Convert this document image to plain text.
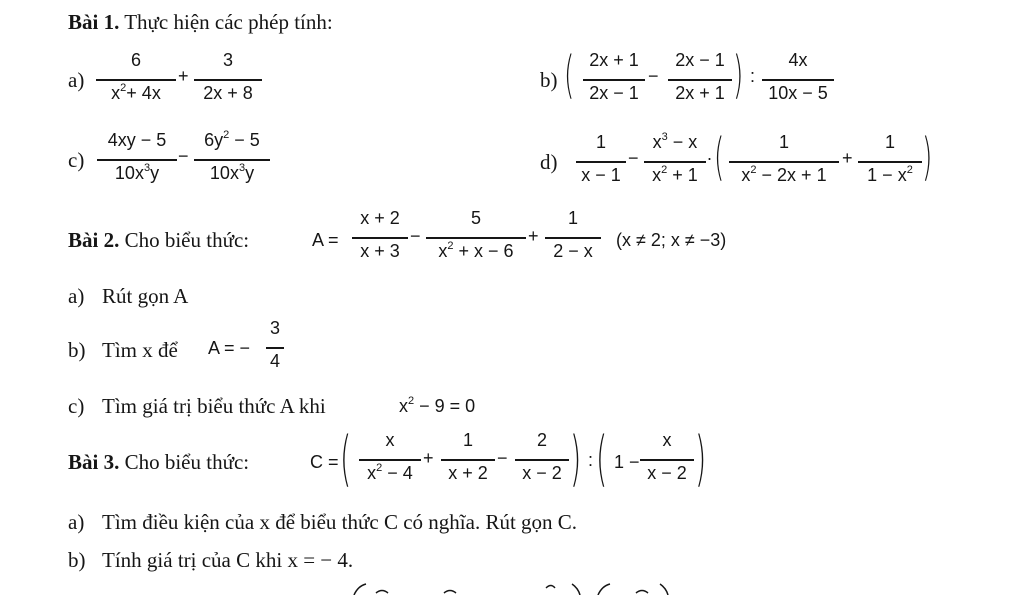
Bài 1. Thực hiện các phép tính:
a)
6
$x^2+ 4x$
+
3
2x + 8
b) ( 2x + 1
2x − 1
−
2x − 1
2x + 1 ) :
4x
10x − 5
c)
4xy − 5
$10x^3y$
−
$6y^2 - 5$
$10x^3y$	d)
1
x − 1
−
$x^3 - x$
$x^2 + 1$
. (	1
$x^2 - 2x + 1$
+
1
$1 - x^2$ )
Bài 2. Cho biểu thức:	A =
x + 2
x + 3
−
5
$x^2 + x - 6$
+
1
2 − x
(x ≠ 2; x ≠ −3)
a) Rút gọn A
b) Tìm x để A = −
3
4
c) Tìm giá trị biểu thức A khi	$x^2 - 9 = 0$
Bài 3. Cho biểu thức:	C = (	x
$x^2 - 4$
+
1
x + 2
−
2
x − 2 ) : ( 1 −
x
x − 2 )
a) Tìm điều kiện của x để biểu thức C có nghĩa. Rút gọn C.
b) Tính giá trị của C khi x = − 4.
